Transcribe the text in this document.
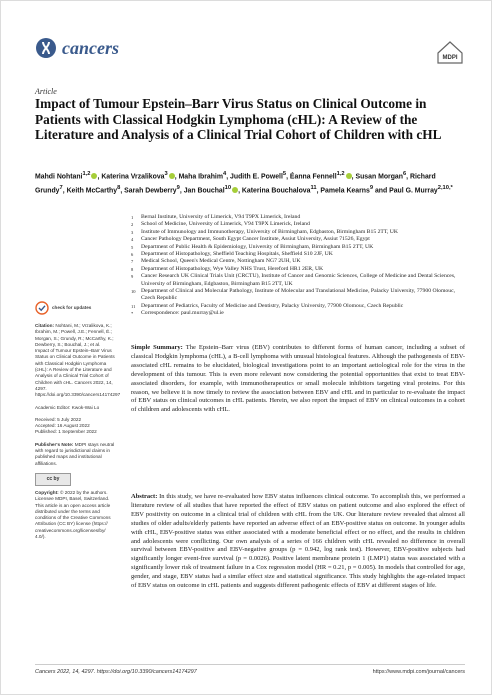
cancers
MDPI
Article
Impact of Tumour Epstein–Barr Virus Status on Clinical Outcome in Patients with Classical Hodgkin Lymphoma (cHL): A Review of the Literature and Analysis of a Clinical Trial Cohort of Children with cHL
Mahdi Nohtani$^{1,2}$ , Katerina Vrzalikova$^3$ , Maha Ibrahim$^4$, Judith E. Powell$^5$, Éanna Fennell$^{1,2}$ , Susan Morgan$^6$, Richard Grundy$^7$, Keith McCarthy$^8$, Sarah Dewberry$^9$, Jan Bouchal$^{10}$ , Katerina Bouchalova$^{11}$, Pamela Kearns$^9$ and Paul G. Murray$^{2,10,*}$
1 Bernal Institute, University of Limerick, V94 T9PX Limerick, Ireland
2 School of Medicine, University of Limerick, V94 T9PX Limerick, Ireland
3 Institute of Immunology and Immunotherapy, University of Birmingham, Edgbaston, Birmingham B15 2TT, UK
4 Cancer Pathology Department, South Egypt Cancer Institute, Assiut University, Assiut 71526, Egypt
5 Department of Public Health & Epidemiology, University of Birmingham, Birmingham B15 2TT, UK
6 Department of Histopathology, Sheffield Teaching Hospitals, Sheffield S10 2JF, UK
7 Medical School, Queen's Medical Centre, Nottingham NG7 2UH, UK
8 Department of Histopathology, Wye Valley NHS Trust, Hereford HR1 2ER, UK
9 Cancer Research UK Clinical Trials Unit (CRCTU), Institute of Cancer and Genomic Sciences, College of Medicine and Dental Sciences, University of Birmingham, Edgbaston, Birmingham B15 2TT, UK
10 Department of Clinical and Molecular Pathology, Institute of Molecular and Translational Medicine, Palacky University, 77900 Olomouc, Czech Republic
11 Department of Pediatrics, Faculty of Medicine and Dentistry, Palacky University, 77900 Olomouc, Czech Republic
* Correspondence: paul.murray@ul.ie
check for updates
Citation: Nohtani, M.; Vrzalikova, K.; Ibrahim, M.; Powell, J.E.; Fennell, É.; Morgan, S.; Grundy, R.; McCarthy, K.; Dewberry, S.; Bouchal, J.; et al. Impact of Tumour Epstein–Barr Virus Status on Clinical Outcome in Patients with Classical Hodgkin Lymphoma (cHL): A Review of the Literature and Analysis of a Clinical Trial Cohort of Children with cHL. Cancers 2022, 14, 4297. https://doi.org/10.3390/cancers14174297
Academic Editor: Kwok-Wai Lo
Received: 5 July 2022
Accepted: 16 August 2022
Published: 1 September 2022
Publisher's Note: MDPI stays neutral with regard to jurisdictional claims in published maps and institutional affiliations.
cc by
Copyright: © 2022 by the authors. Licensee MDPI, Basel, Switzerland. This article is an open access article distributed under the terms and conditions of the Creative Commons Attribution (CC BY) license (https:// creativecommons.org/licenses/by/ 4.0/).

Simple Summary: The Epstein–Barr virus (EBV) contributes to different forms of human cancer, including a subset of classical Hodgkin lymphoma (cHL), a B-cell lymphoma with unusual histological features. Although the pathogenesis of EBV-associated cHL remains to be elucidated, biological investigations point to an important aetiological role for the virus in the development of this tumour. This is even more relevant now considering the potential opportunities that exist to treat EBV-associated disorders, for example, with immunotherapeutics or small molecule inhibitors targeting viral proteins. For this reason, we believe it is now timely to review the association between EBV and cHL and in particular to re-evaluate the impact of EBV status on clinical outcomes in cHL patients. Herein, we also report the impact of EBV on clinical outcomes in a cohort of children and adolescents with cHL.

Abstract: In this study, we have re-evaluated how EBV status influences clinical outcome. To accomplish this, we performed a literature review of all studies that have reported the effect of EBV status on patient outcome and also explored the effect of EBV positivity on outcome in a clinical trial of children with cHL from the UK. Our literature review revealed that almost all studies of older adults/elderly patients have reported an adverse effect of an EBV-positive status on outcome. In younger adults with cHL, EBV-positive status was either associated with a moderate beneficial effect or no effect, and the results in children and adolescents were conflicting. Our own analysis of a series of 166 children with cHL revealed no difference in overall survival between EBV-positive and EBV-negative groups (p = 0.942, log rank test). However, EBV-positive subjects had significantly longer event-free survival (p = 0.0026). Positive latent membrane protein 1 (LMP1) status was associated with a significantly lower risk of treatment failure in a Cox regression model (HR = 0.21, p = 0.005). In models that controlled for age, gender, and stage, EBV status had a similar effect size and statistical significance. This study highlights the age-related impact of EBV status on outcome in cHL patients and suggests different pathogenic effects of EBV at different stages of life.

Cancers 2022, 14, 4297. https://doi.org/10.3390/cancers14174297	https://www.mdpi.com/journal/cancers
